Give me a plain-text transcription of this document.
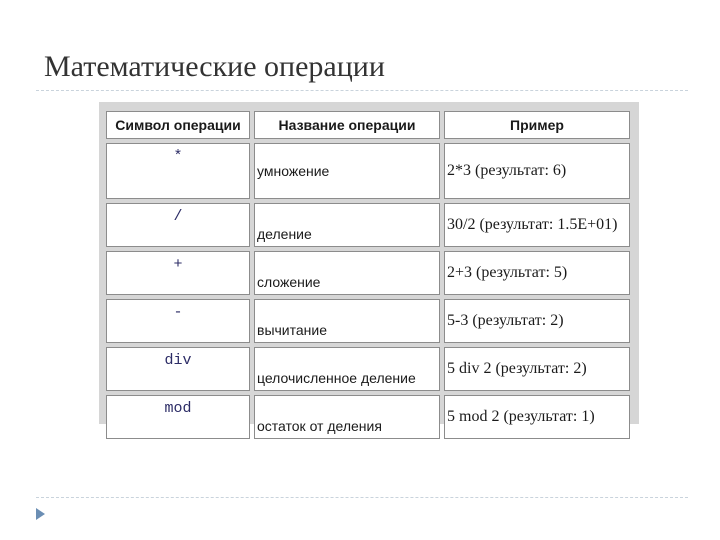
Математические операции
Символ операции	Название операции	Пример
*	умножение	2*3 (результат: 6)
/	деление	30/2 (результат: 1.5E+01)
+	сложение	2+3 (результат: 5)
-	вычитание	5-3 (результат: 2)
div	целочисленное деление	5 div 2 (результат: 2)
mod	остаток от деления	5 mod 2 (результат: 1)
